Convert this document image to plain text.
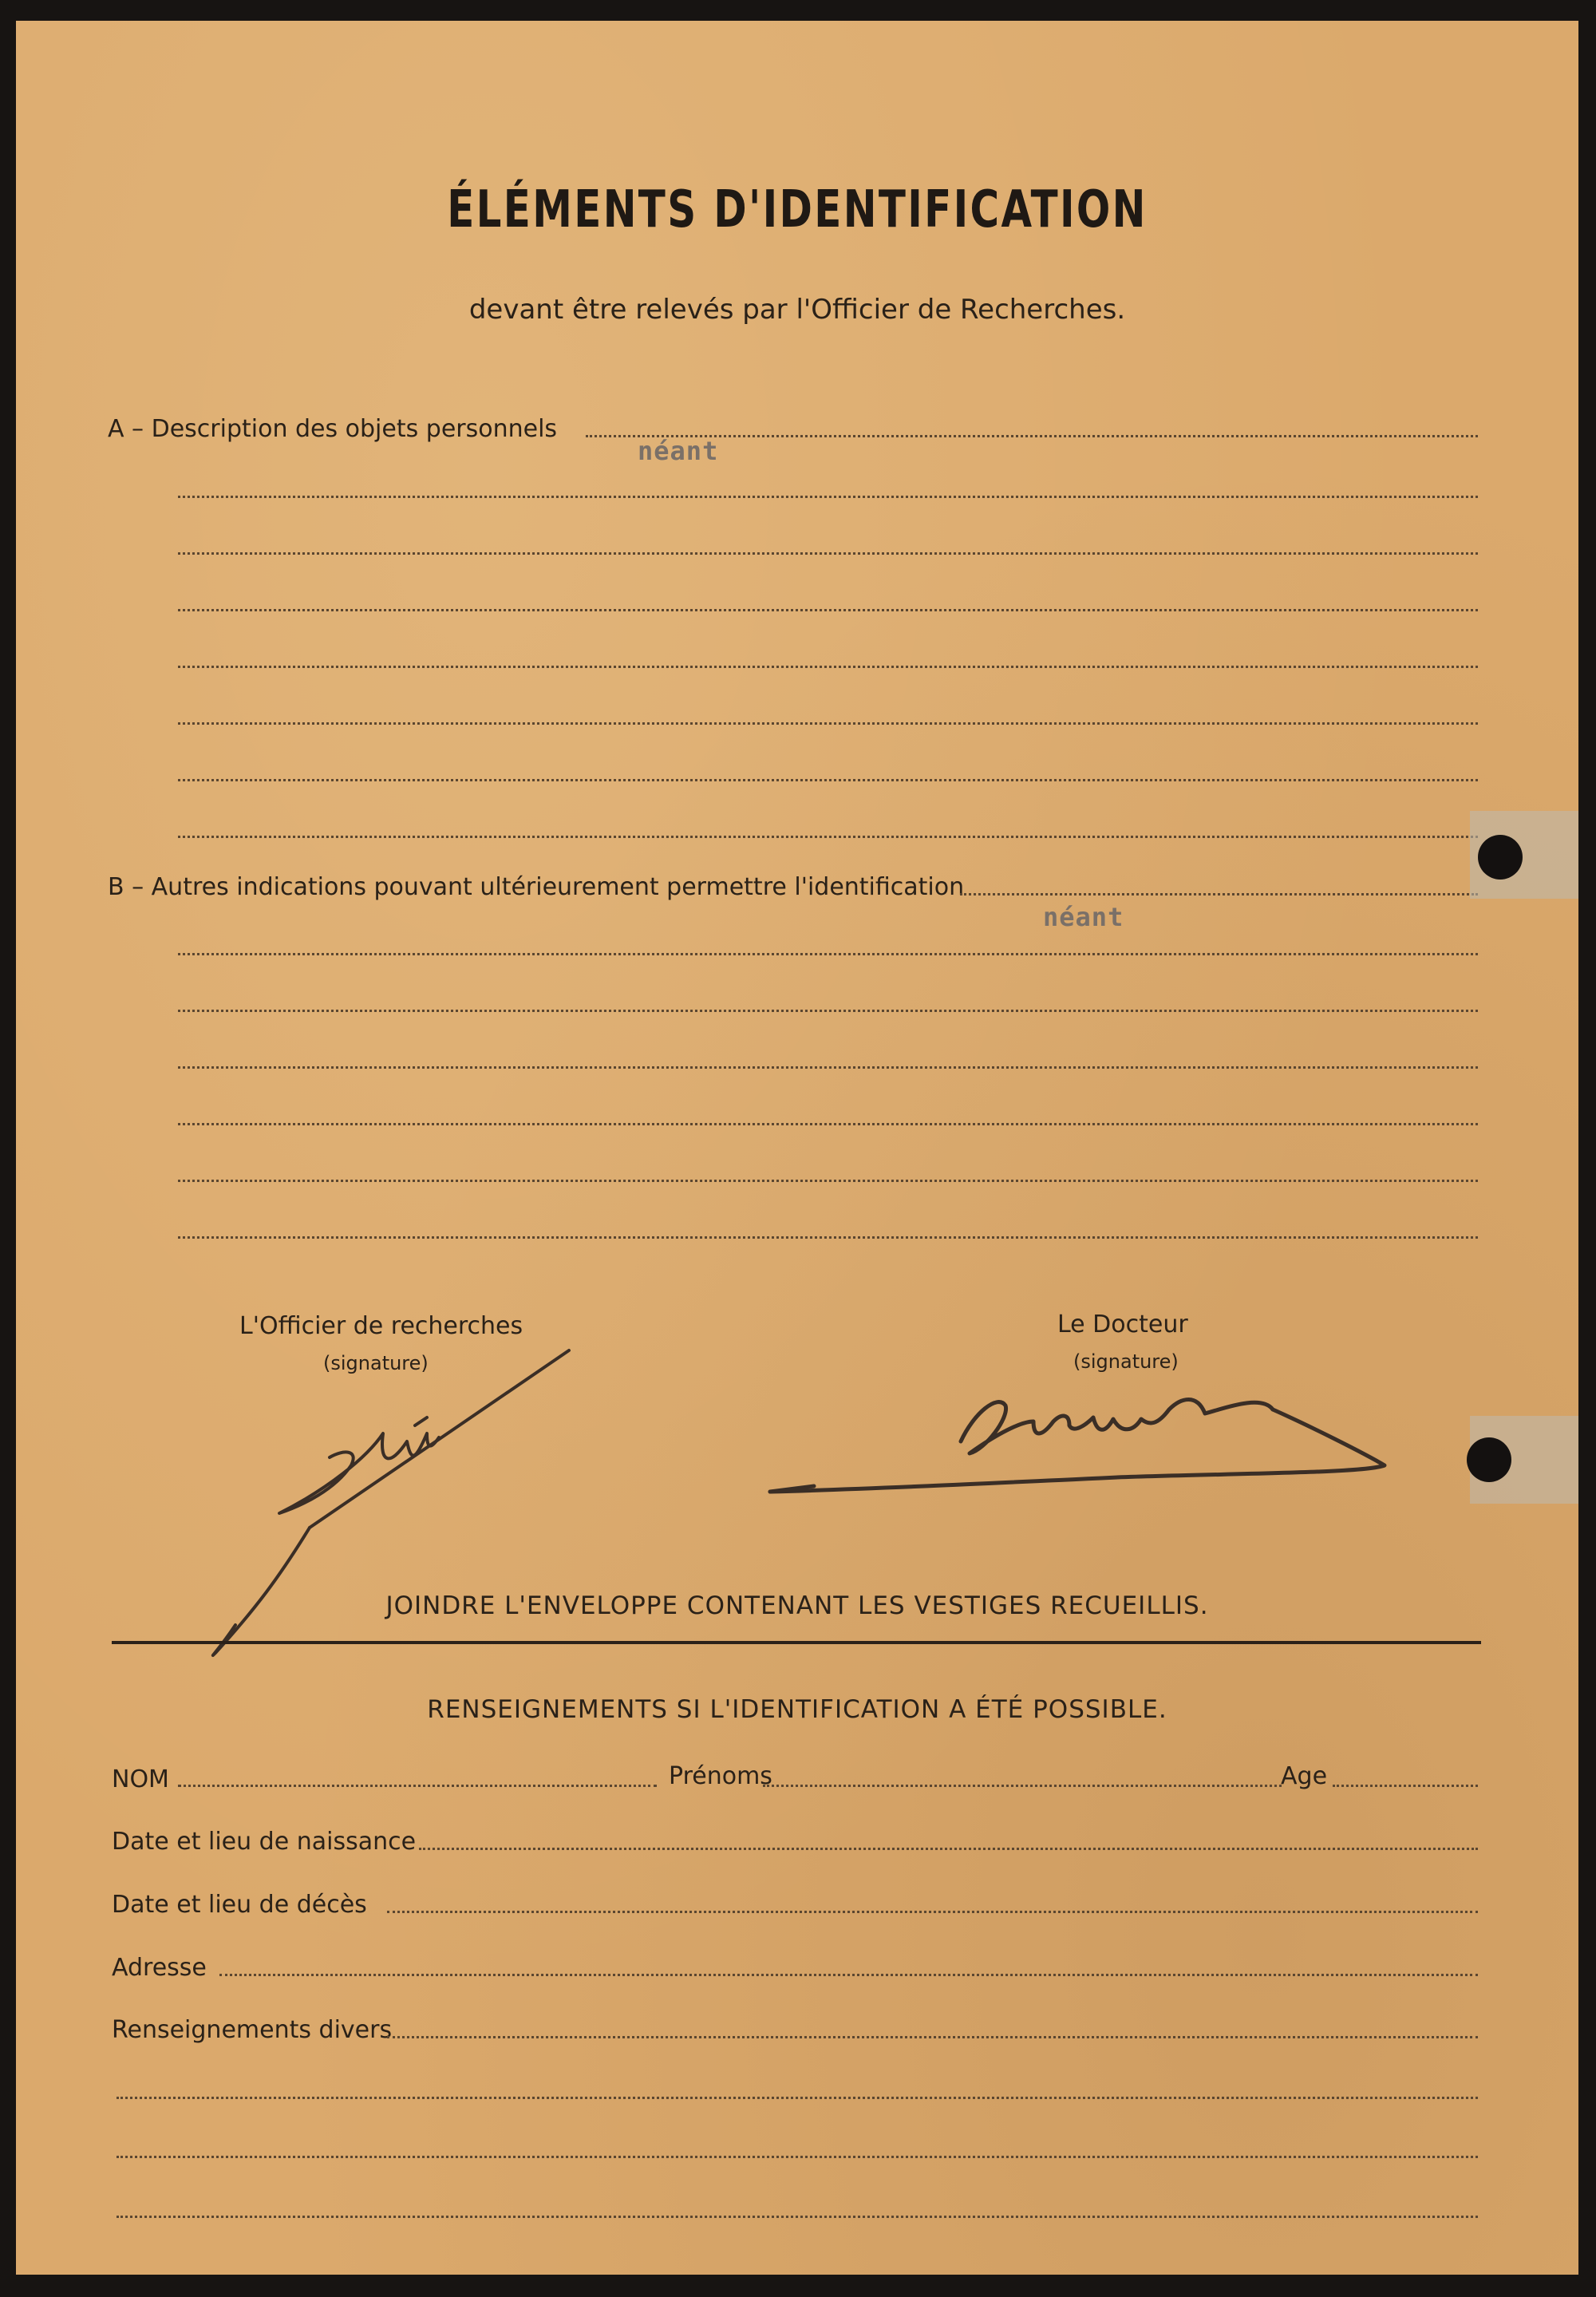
ÉLÉMENTS D'IDENTIFICATION
devant être relevés par l'Officier de Recherches.
A – Description des objets personnels
néant
B – Autres indications pouvant ultérieurement permettre l'identification
néant
L'Officier de recherches
(signature)
Le Docteur
(signature)
JOINDRE L'ENVELOPPE CONTENANT LES VESTIGES RECUEILLIS.
RENSEIGNEMENTS SI L'IDENTIFICATION A ÉTÉ POSSIBLE.
NOM	Prénoms	Age
Date et lieu de naissance
Date et lieu de décès
Adresse
Renseignements divers
